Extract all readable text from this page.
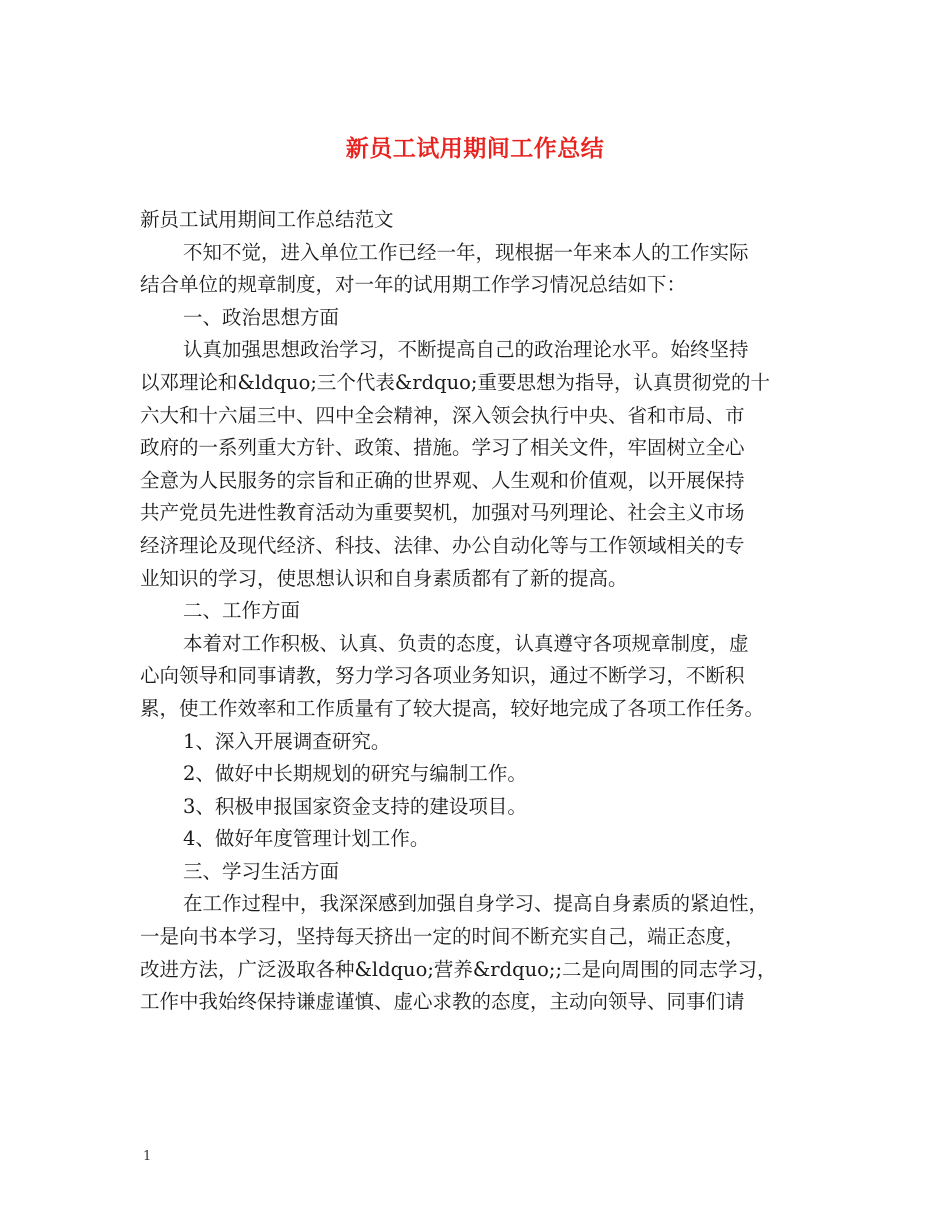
新员工试用期间工作总结
新员工试用期间工作总结范文
不知不觉，进入单位工作已经一年，现根据一年来本人的工作实际
结合单位的规章制度，对一年的试用期工作学习情况总结如下：
一、政治思想方面
认真加强思想政治学习，不断提高自己的政治理论水平。始终坚持
以邓理论和&ldquo;三个代表&rdquo;重要思想为指导，认真贯彻党的十
六大和十六届三中、四中全会精神，深入领会执行中央、省和市局、市
政府的一系列重大方针、政策、措施。学习了相关文件，牢固树立全心
全意为人民服务的宗旨和正确的世界观、人生观和价值观，以开展保持
共产党员先进性教育活动为重要契机，加强对马列理论、社会主义市场
经济理论及现代经济、科技、法律、办公自动化等与工作领域相关的专
业知识的学习，使思想认识和自身素质都有了新的提高。
二、工作方面
本着对工作积极、认真、负责的态度，认真遵守各项规章制度，虚
心向领导和同事请教，努力学习各项业务知识，通过不断学习，不断积
累，使工作效率和工作质量有了较大提高，较好地完成了各项工作任务。
1、深入开展调查研究。
2、做好中长期规划的研究与编制工作。
3、积极申报国家资金支持的建设项目。
4、做好年度管理计划工作。
三、学习生活方面
在工作过程中，我深深感到加强自身学习、提高自身素质的紧迫性，
一是向书本学习，坚持每天挤出一定的时间不断充实自己，端正态度，
改进方法，广泛汲取各种&ldquo;营养&rdquo;;二是向周围的同志学习，
工作中我始终保持谦虚谨慎、虚心求教的态度，主动向领导、同事们请
1
